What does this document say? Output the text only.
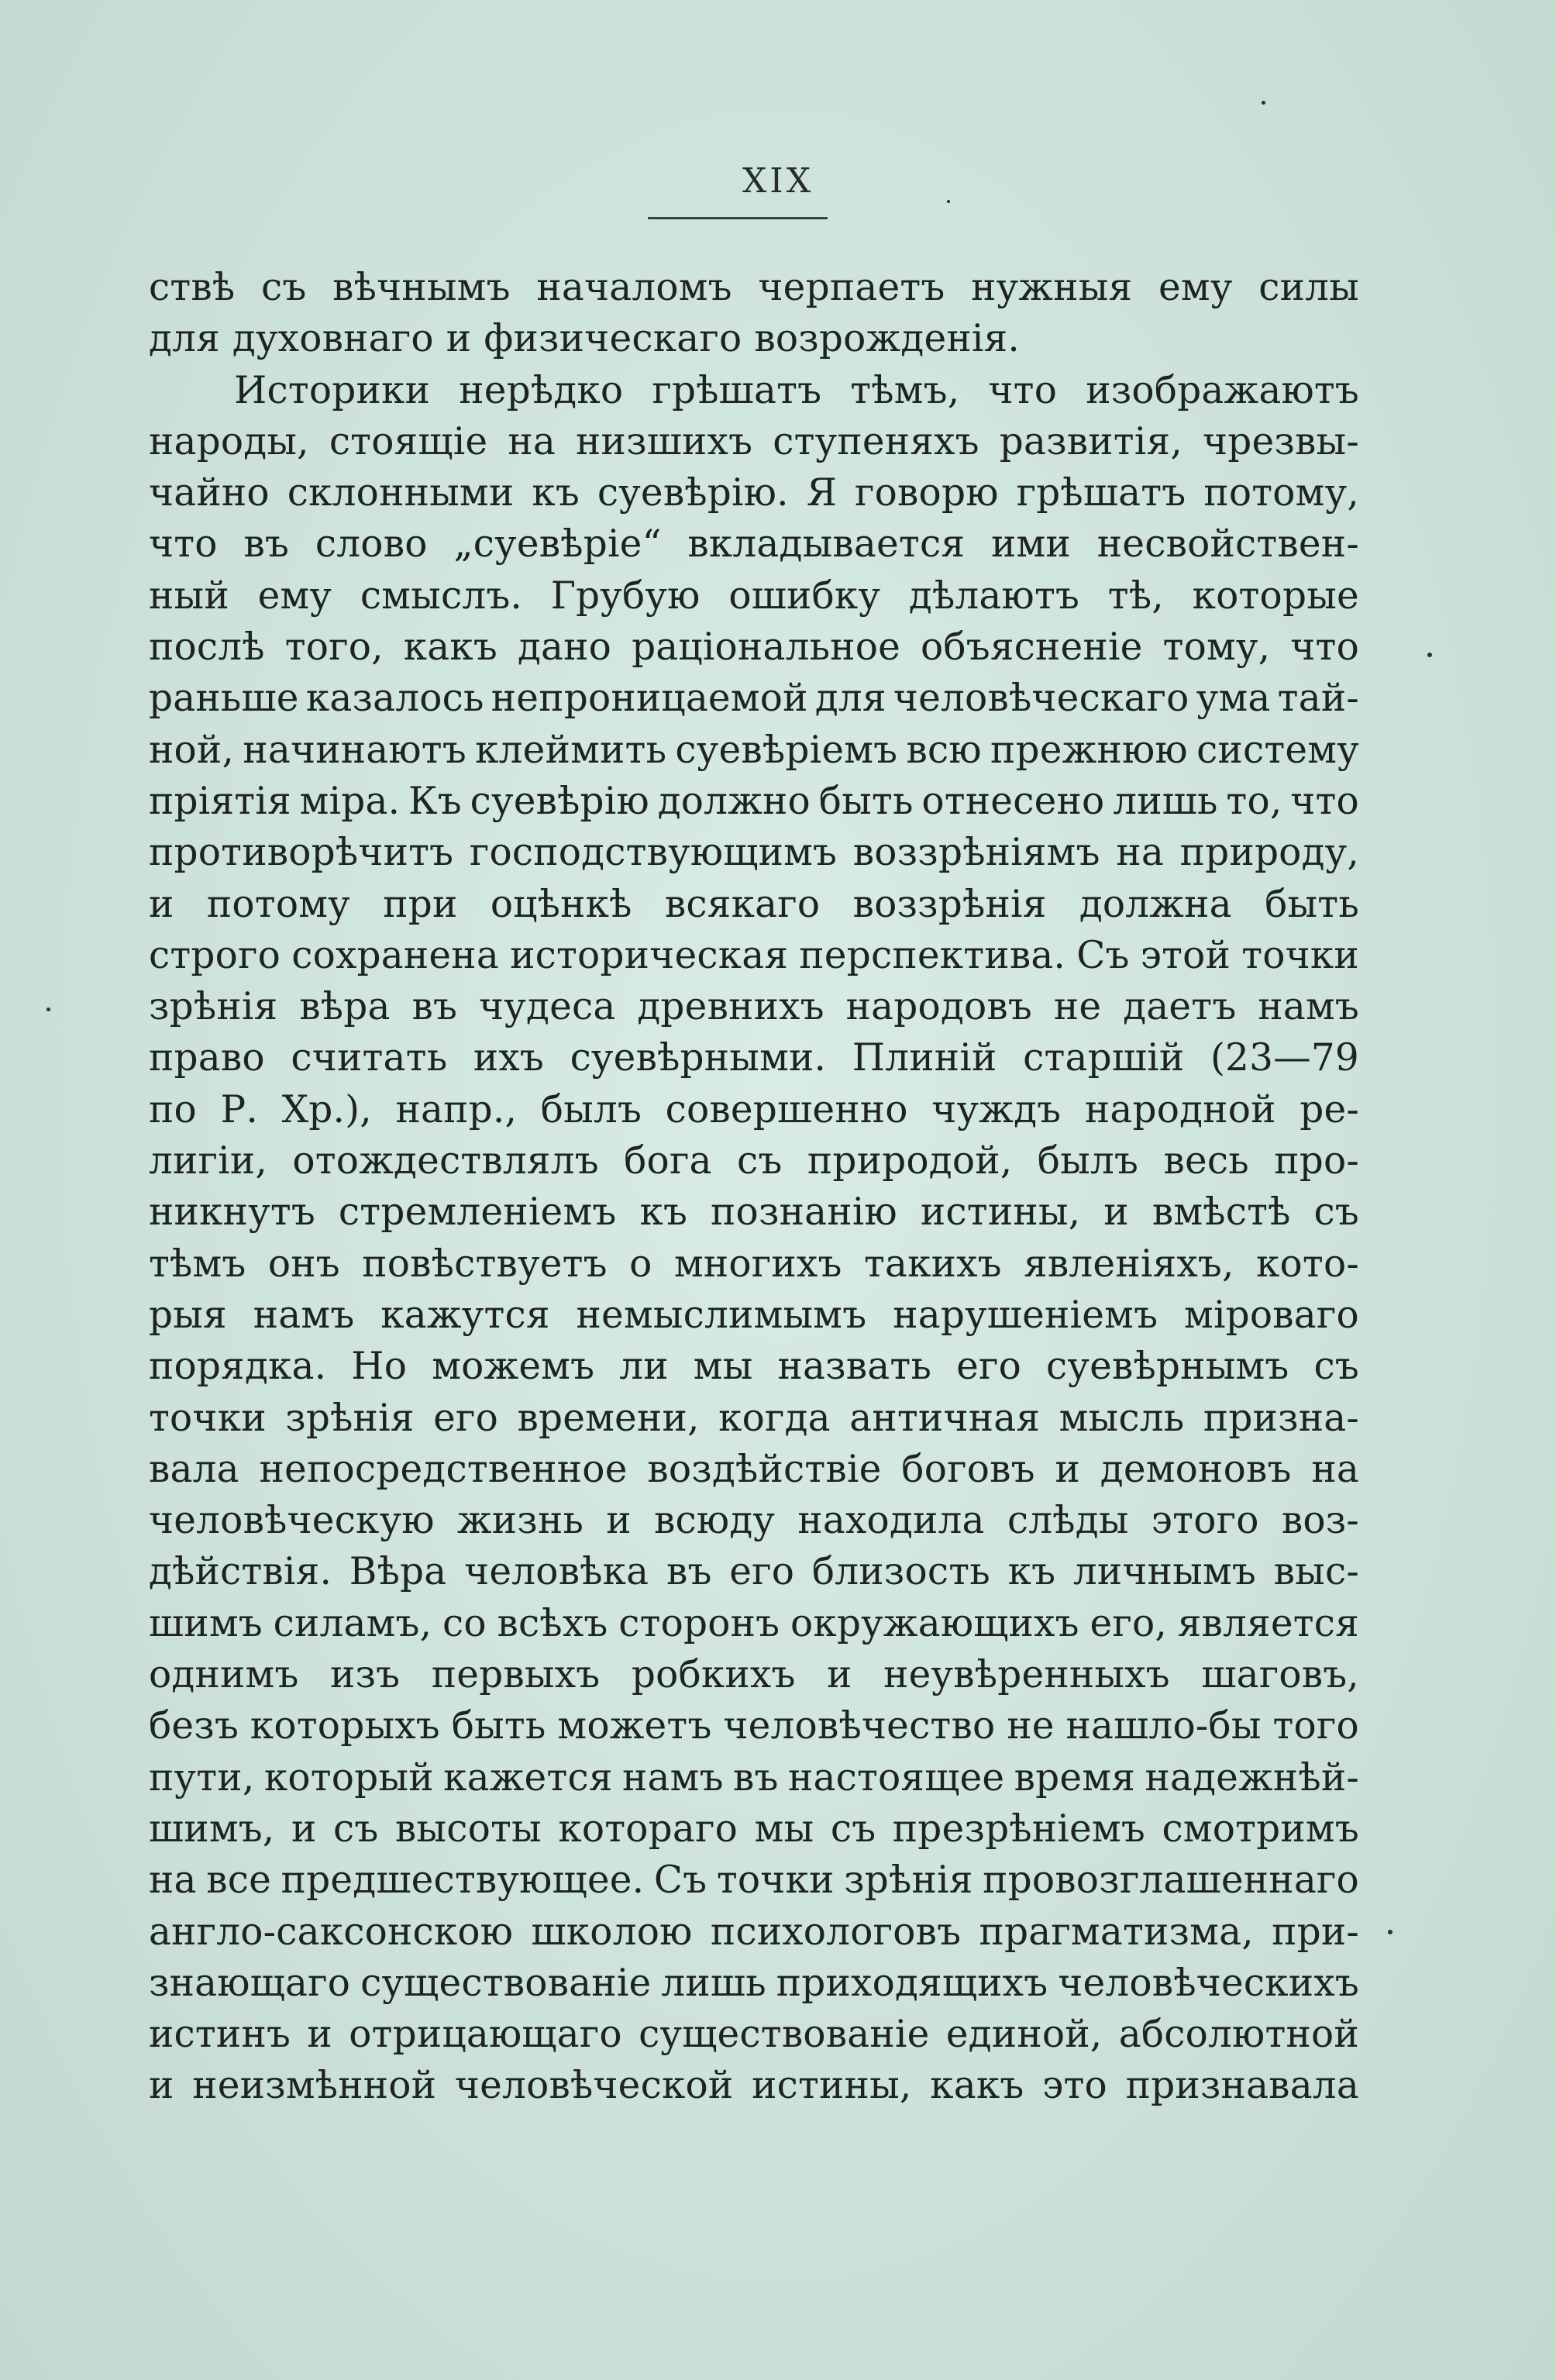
XIX
ствѣ съ вѣчнымъ началомъ черпаетъ нужныя ему силы
для духовнаго и физическаго возрожденія.
Историки нерѣдко грѣшатъ тѣмъ, что изображаютъ
народы, стоящіе на низшихъ ступеняхъ развитія, чрезвы-
чайно склонными къ суевѣрію. Я говорю грѣшатъ потому,
что въ слово „суевѣріе“ вкладывается ими несвойствен-
ный ему смыслъ. Грубую ошибку дѣлаютъ тѣ, которые
послѣ того, какъ дано раціональное объясненіе тому, что
раньше казалось непроницаемой для человѣческаго ума тай-
ной, начинаютъ клеймить суевѣріемъ всю прежнюю систему
пріятія міра. Къ суевѣрію должно быть отнесено лишь то, что
противорѣчитъ господствующимъ воззрѣніямъ на природу,
и потому при оцѣнкѣ всякаго воззрѣнія должна быть
строго сохранена историческая перспектива. Съ этой точки
зрѣнія вѣра въ чудеса древнихъ народовъ не даетъ намъ
право считать ихъ суевѣрными. Плиній старшій (23—79
по Р. Хр.), напр., былъ совершенно чуждъ народной ре-
лигіи, отождествлялъ бога съ природой, былъ весь про-
никнутъ стремленіемъ къ познанію истины, и вмѣстѣ съ
тѣмъ онъ повѣствуетъ о многихъ такихъ явленіяхъ, кото-
рыя намъ кажутся немыслимымъ нарушеніемъ міроваго
порядка. Но можемъ ли мы назвать его суевѣрнымъ съ
точки зрѣнія его времени, когда античная мысль призна-
вала непосредственное воздѣйствіе боговъ и демоновъ на
человѣческую жизнь и всюду находила слѣды этого воз-
дѣйствія. Вѣра человѣка въ его близость къ личнымъ выс-
шимъ силамъ, со всѣхъ сторонъ окружающихъ его, является
однимъ изъ первыхъ робкихъ и неувѣренныхъ шаговъ,
безъ которыхъ быть можетъ человѣчество не нашло-бы того
пути, который кажется намъ въ настоящее время надежнѣй-
шимъ, и съ высоты котораго мы съ презрѣніемъ смотримъ
на все предшествующее. Съ точки зрѣнія провозглашеннаго
англо-саксонскою школою психологовъ прагматизма, при-
знающаго существованіе лишь приходящихъ человѣческихъ
истинъ и отрицающаго существованіе единой, абсолютной
и неизмѣнной человѣческой истины, какъ это признавала
